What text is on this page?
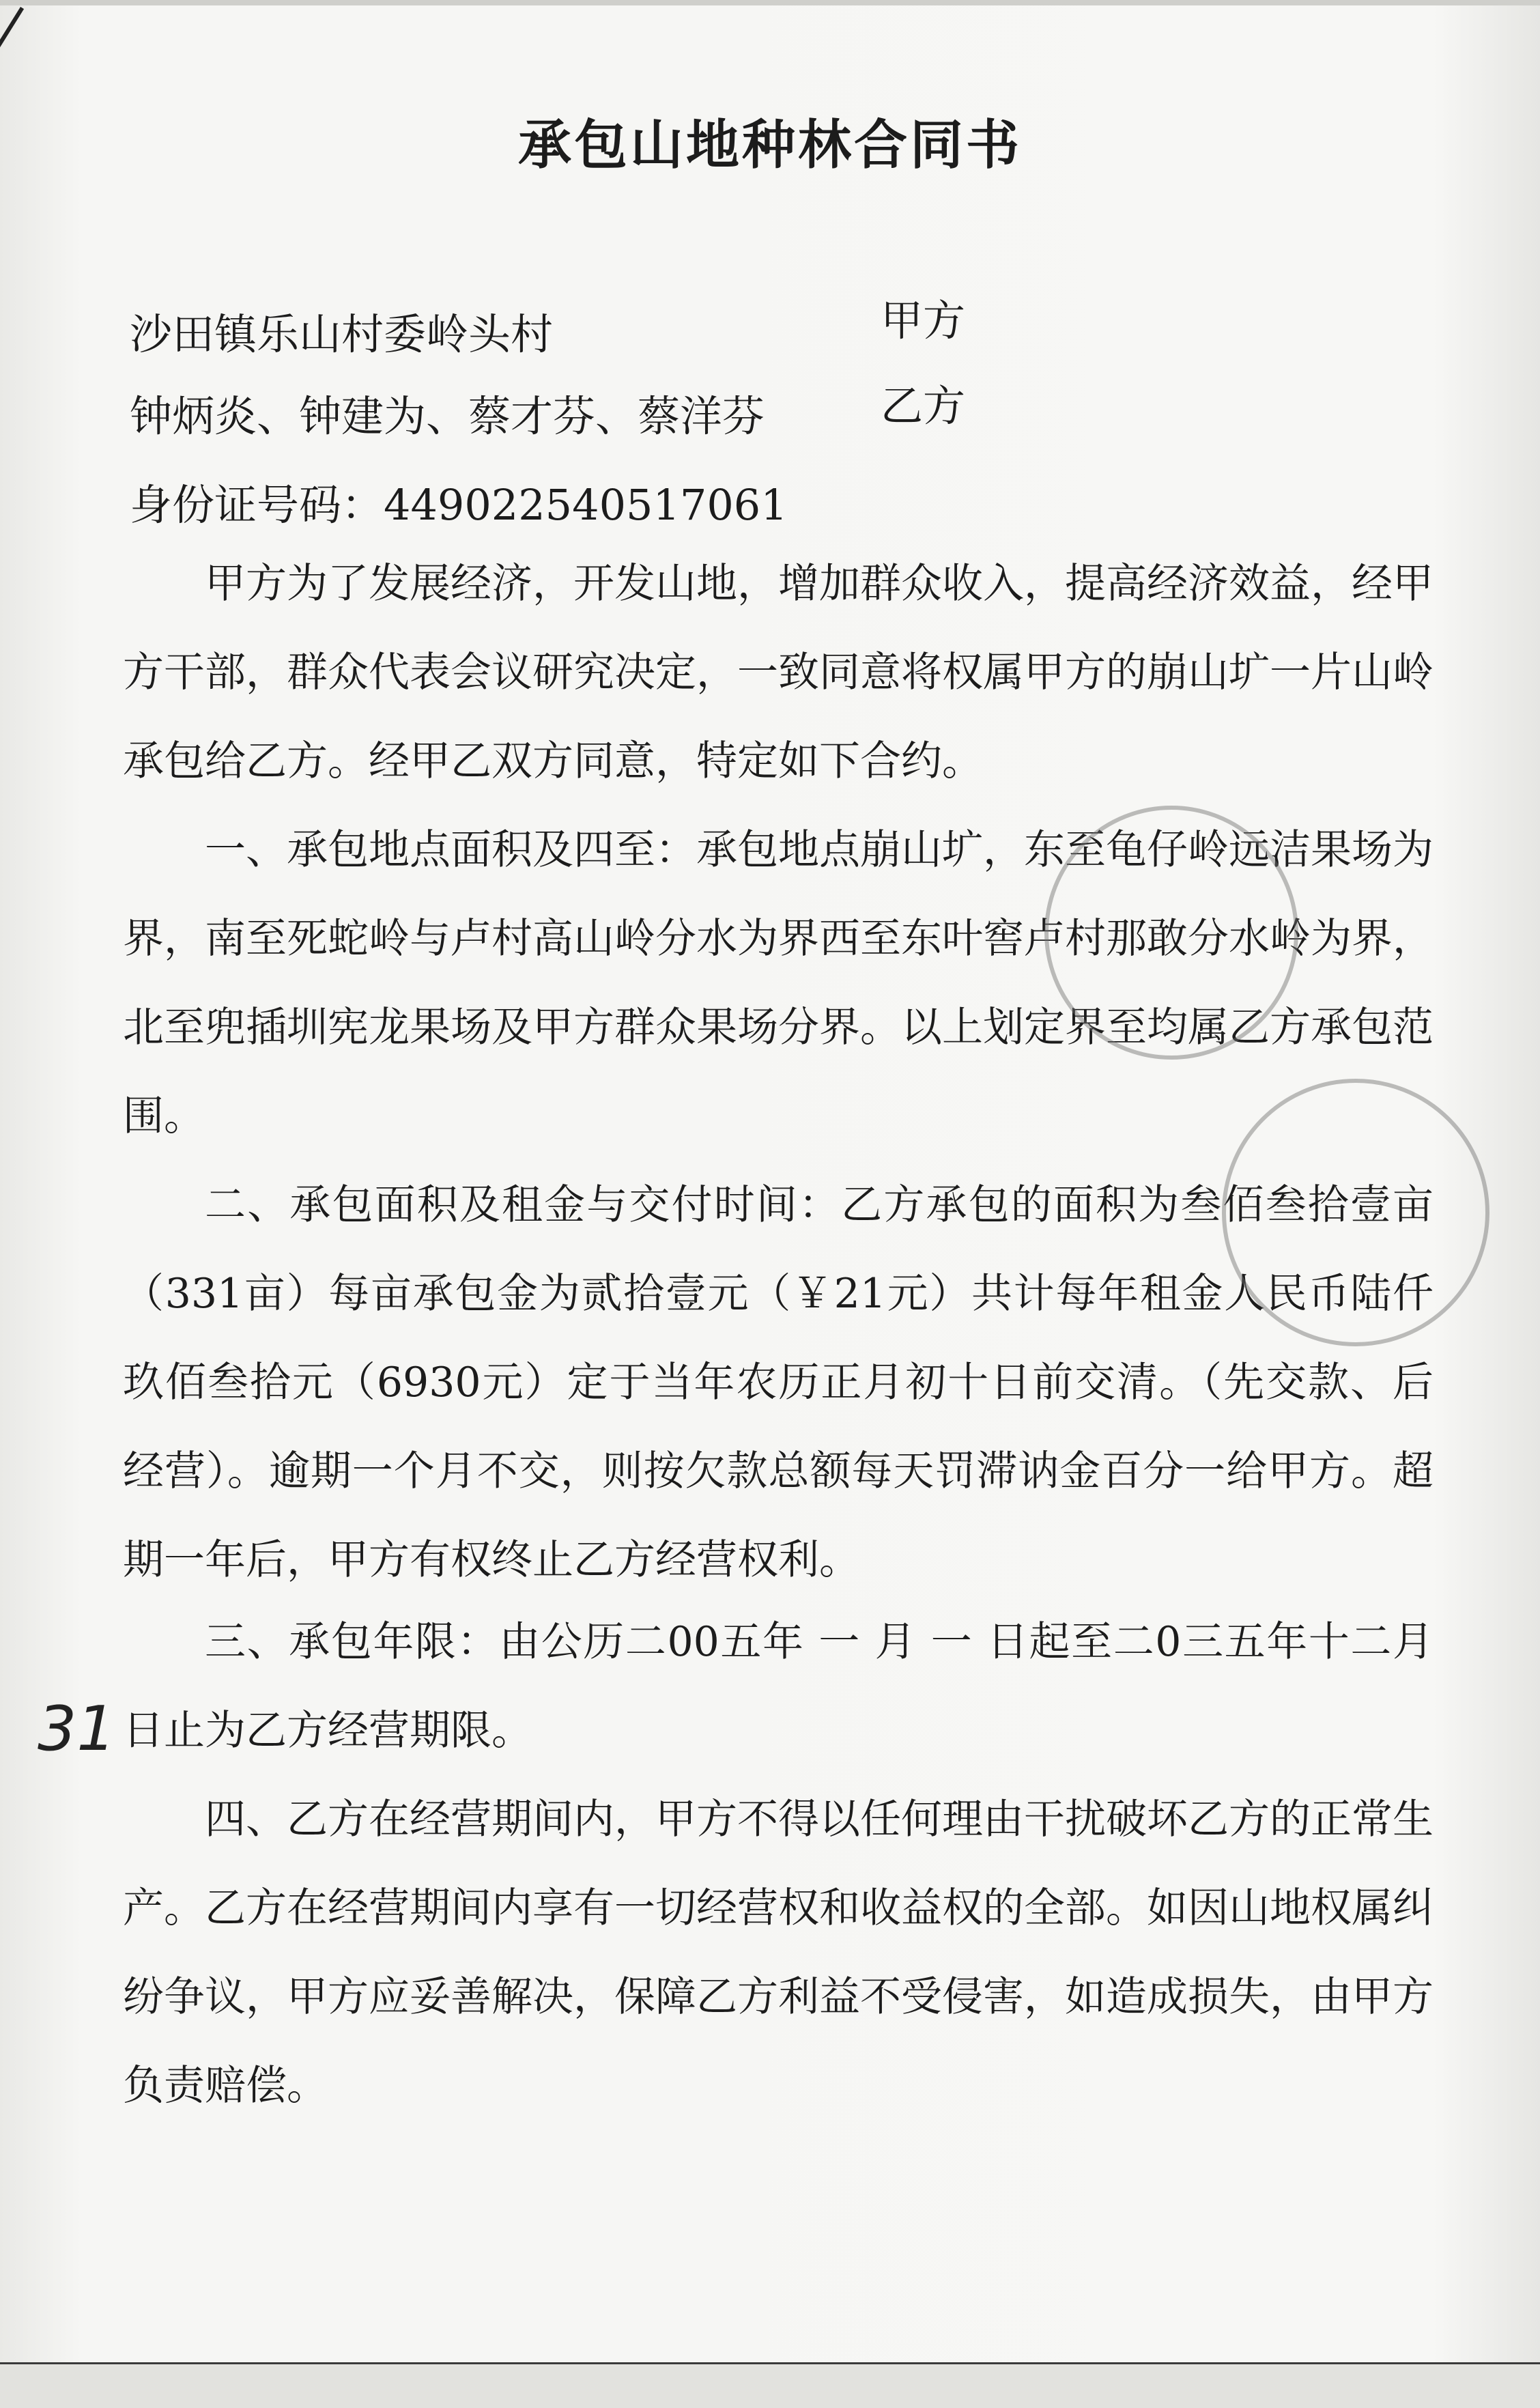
承包山地种林合同书
沙田镇乐山村委岭头村	甲方
钟炳炎、钟建为、蔡才芬、蔡洋芬	乙方
身份证号码：449022540517061
甲方为了发展经济，开发山地，增加群众收入，提高经济效益，经甲方干部，群众代表会议研究决定，一致同意将权属甲方的崩山圹一片山岭承包给乙方。经甲乙双方同意，特定如下合约。
一、承包地点面积及四至：承包地点崩山圹，东至龟仔岭远洁果场为界，南至死蛇岭与卢村高山岭分水为界西至东叶窖卢村那敢分水岭为界，北至兜插圳宪龙果场及甲方群众果场分界。以上划定界至均属乙方承包范围。
二、承包面积及租金与交付时间：乙方承包的面积为叁佰叁拾壹亩（331亩）每亩承包金为贰拾壹元（￥21元）共计每年租金人民币陆仟玖佰叁拾元（6930元）定于当年农历正月初十日前交清。（先交款、后经营）。逾期一个月不交，则按欠款总额每天罚滞讷金百分一给甲方。超期一年后，甲方有权终止乙方经营权利。
三、承包年限：由公历二00五年 一 月 一 日起至二0三五年十二月 日止为乙方经营期限。
四、乙方在经营期间内，甲方不得以任何理由干扰破坏乙方的正常生产。乙方在经营期间内享有一切经营权和收益权的全部。如因山地权属纠纷争议，甲方应妥善解决，保障乙方利益不受侵害，如造成损失，由甲方负责赔偿。
31
